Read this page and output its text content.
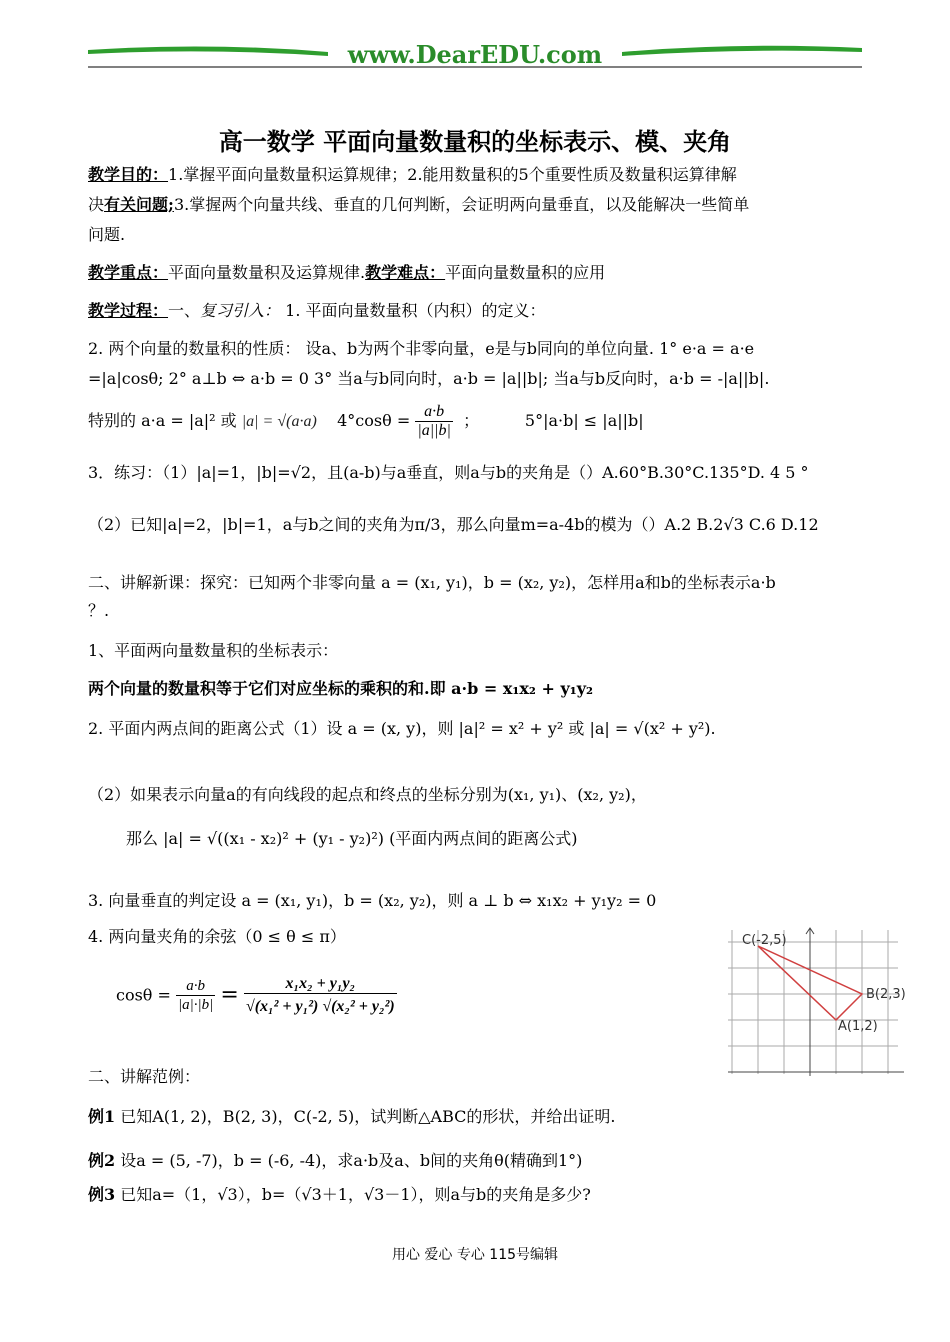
www.DearEDU.com
高一数学 平面向量数量积的坐标表示、模、夹角
教学目的：1.掌握平面向量数量积运算规律；2.能用数量积的5个重要性质及数量积运算律解
决有关问题;3.掌握两个向量共线、垂直的几何判断，会证明两向量垂直，以及能解决一些简单
问题.
教学重点：平面向量数量积及运算规律.教学难点：平面向量数量积的应用
教学过程：一、复习引入： 1. 平面向量数量积（内积）的定义：
2. 两个向量的数量积的性质： 设a、b为两个非零向量，e是与b同向的单位向量. 1° e·a = a·e
=|a|cosθ; 2° a⊥b ⇔ a·b = 0 3° 当a与b同向时，a·b = |a||b|; 当a与b反向时，a·b = -|a||b|.
特别的 a·a = |a|² 或 |a| = √(a·a) $4^\circ\cos\theta = \frac{a\cdot b}{|a||b|}$ ；	5°|a·b| ≤ |a||b|
3．练习：（1）|a|=1，|b|=√2，且(a-b)与a垂直，则a与b的夹角是（）A.60°B.30°C.135°D. 4 5 °
（2）已知|a|=2，|b|=1，a与b之间的夹角为π/3，那么向量m=a-4b的模为（）A.2 B.2√3 C.6 D.12
二、讲解新课：探究：已知两个非零向量 a = (x₁, y₁)，b = (x₂, y₂)，怎样用a和b的坐标表示a·b
？.
1、平面两向量数量积的坐标表示：
两个向量的数量积等于它们对应坐标的乘积的和.即 a·b = x₁x₂ + y₁y₂
2. 平面内两点间的距离公式（1）设 a = (x, y)，则 |a|² = x² + y² 或 |a| = √(x² + y²).
（2）如果表示向量a的有向线段的起点和终点的坐标分别为(x₁, y₁)、(x₂, y₂)，
那么 |a| = √((x₁ - x₂)² + (y₁ - y₂)²) (平面内两点间的距离公式)
3. 向量垂直的判定设 a = (x₁, y₁)，b = (x₂, y₂)，则 a ⊥ b ⇔ x₁x₂ + y₁y₂ = 0
4. 两向量夹角的余弦（0 ≤ θ ≤ π）
$\cos\theta = \frac{a\cdot b}{|a|\cdot|b|} = \frac{\text{x₁x₂ + y₁y₂}}{\text{√(x₁² + y₁²) √(x₂² + y₂²)}}$
C(-2,5)
B(2,3)
A(1,2)
二、讲解范例：
例1 已知A(1, 2)，B(2, 3)，C(-2, 5)，试判断△ABC的形状，并给出证明.
例2 设a = (5, -7)，b = (-6, -4)，求a·b及a、b间的夹角θ(精确到1°)
例3 已知a=（1，√3），b=（√3＋1，√3－1），则a与b的夹角是多少?
用心 爱心 专心 115号编辑
